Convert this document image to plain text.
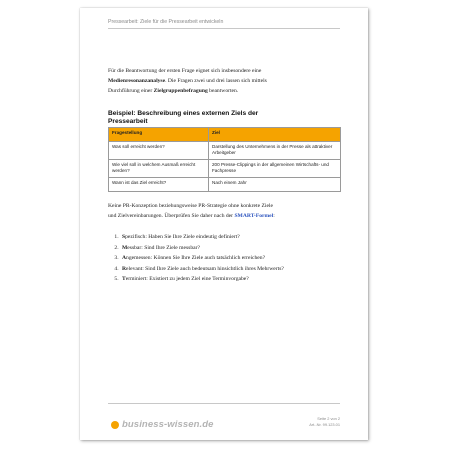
Pressearbeit: Ziele für die Pressearbeit entwickeln
Für die Beantwortung der ersten Frage eignet sich insbesondere eine
Medienresonanzanalyse. Die Fragen zwei und drei lassen sich mittels
Durchführung einer Zielgruppenbefragung beantworten.
Beispiel: Beschreibung eines externen Ziels der
Pressearbeit
Fragestellung	Ziel
Was soll erreicht werden?	Darstellung des Unternehmens in der Presse als attraktiver Arbeitgeber
Wie viel soll in welchem Ausmaß erreicht werden?	200 Presse-Clippings in der allgemeinen Wirtschafts- und Fachpresse
Wann ist das Ziel erreicht?	Nach einem Jahr
Keine PR-Konzeption beziehungsweise PR-Strategie ohne konkrete Ziele
und Zielvereinbarungen. Überprüfen Sie daher nach der SMART-Formel:
1. Spezifisch: Haben Sie Ihre Ziele eindeutig definiert?
2. Messbar: Sind Ihre Ziele messbar?
3. Angemessen: Können Sie Ihre Ziele auch tatsächlich erreichen?
4. Relevant: Sind Ihre Ziele auch bedeutsam hinsichtlich ihres Mehrwerts?
5. Terminiert: Existiert zu jedem Ziel eine Terminvorgabe?
business-wissen.de
Seite 2 von 2
Art.-Nr. 99.123.01
